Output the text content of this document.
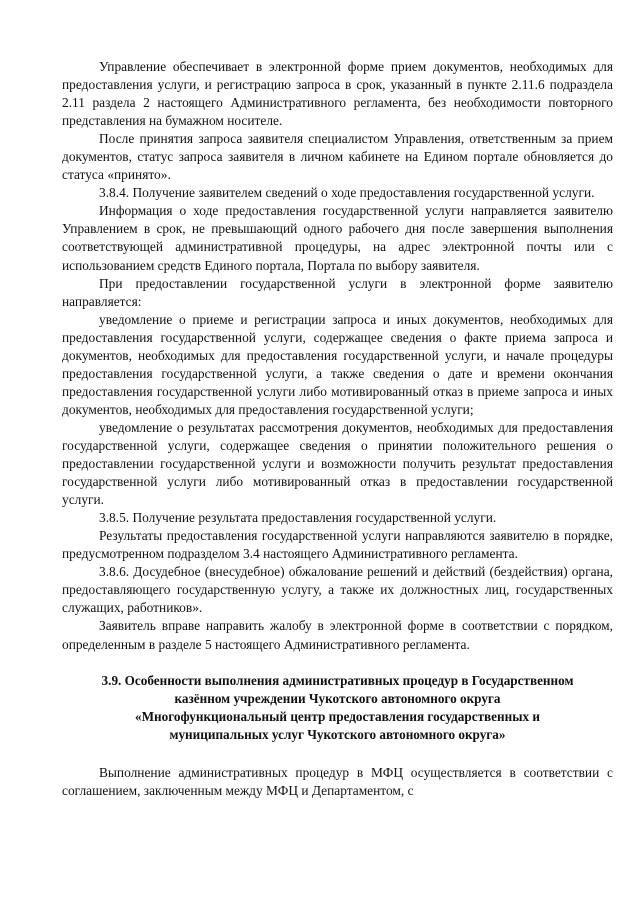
Управление обеспечивает в электронной форме прием документов, необходимых для предоставления услуги, и регистрацию запроса в срок, указанный в пункте 2.11.6 подраздела 2.11 раздела 2 настоящего Административного регламента, без необходимости повторного представления на бумажном носителе.

После принятия запроса заявителя специалистом Управления, ответственным за прием документов, статус запроса заявителя в личном кабинете на Едином портале обновляется до статуса «принято».

3.8.4. Получение заявителем сведений о ходе предоставления государственной услуги.

Информация о ходе предоставления государственной услуги направляется заявителю Управлением в срок, не превышающий одного рабочего дня после завершения выполнения соответствующей административной процедуры, на адрес электронной почты или с использованием средств Единого портала, Портала по выбору заявителя.

При предоставлении государственной услуги в электронной форме заявителю направляется:

уведомление о приеме и регистрации запроса и иных документов, необходимых для предоставления государственной услуги, содержащее сведения о факте приема запроса и документов, необходимых для предоставления государственной услуги, и начале процедуры предоставления государственной услуги, а также сведения о дате и времени окончания предоставления государственной услуги либо мотивированный отказ в приеме запроса и иных документов, необходимых для предоставления государственной услуги;

уведомление о результатах рассмотрения документов, необходимых для предоставления государственной услуги, содержащее сведения о принятии положительного решения о предоставлении государственной услуги и возможности получить результат предоставления государственной услуги либо мотивированный отказ в предоставлении государственной услуги.

3.8.5. Получение результата предоставления государственной услуги.

Результаты предоставления государственной услуги направляются заявителю в порядке, предусмотренном подразделом 3.4 настоящего Административного регламента.

3.8.6. Досудебное (внесудебное) обжалование решений и действий (бездействия) органа, предоставляющего государственную услугу, а также их должностных лиц, государственных служащих, работников».

Заявитель вправе направить жалобу в электронной форме в соответствии с порядком, определенным в разделе 5 настоящего Административного регламента.

3.9. Особенности выполнения административных процедур в Государственном
казённом учреждении Чукотского автономного округа
«Многофункциональный центр предоставления государственных и
муниципальных услуг Чукотского автономного округа»

Выполнение административных процедур в МФЦ осуществляется в соответствии с соглашением, заключенным между МФЦ и Департаментом, с
